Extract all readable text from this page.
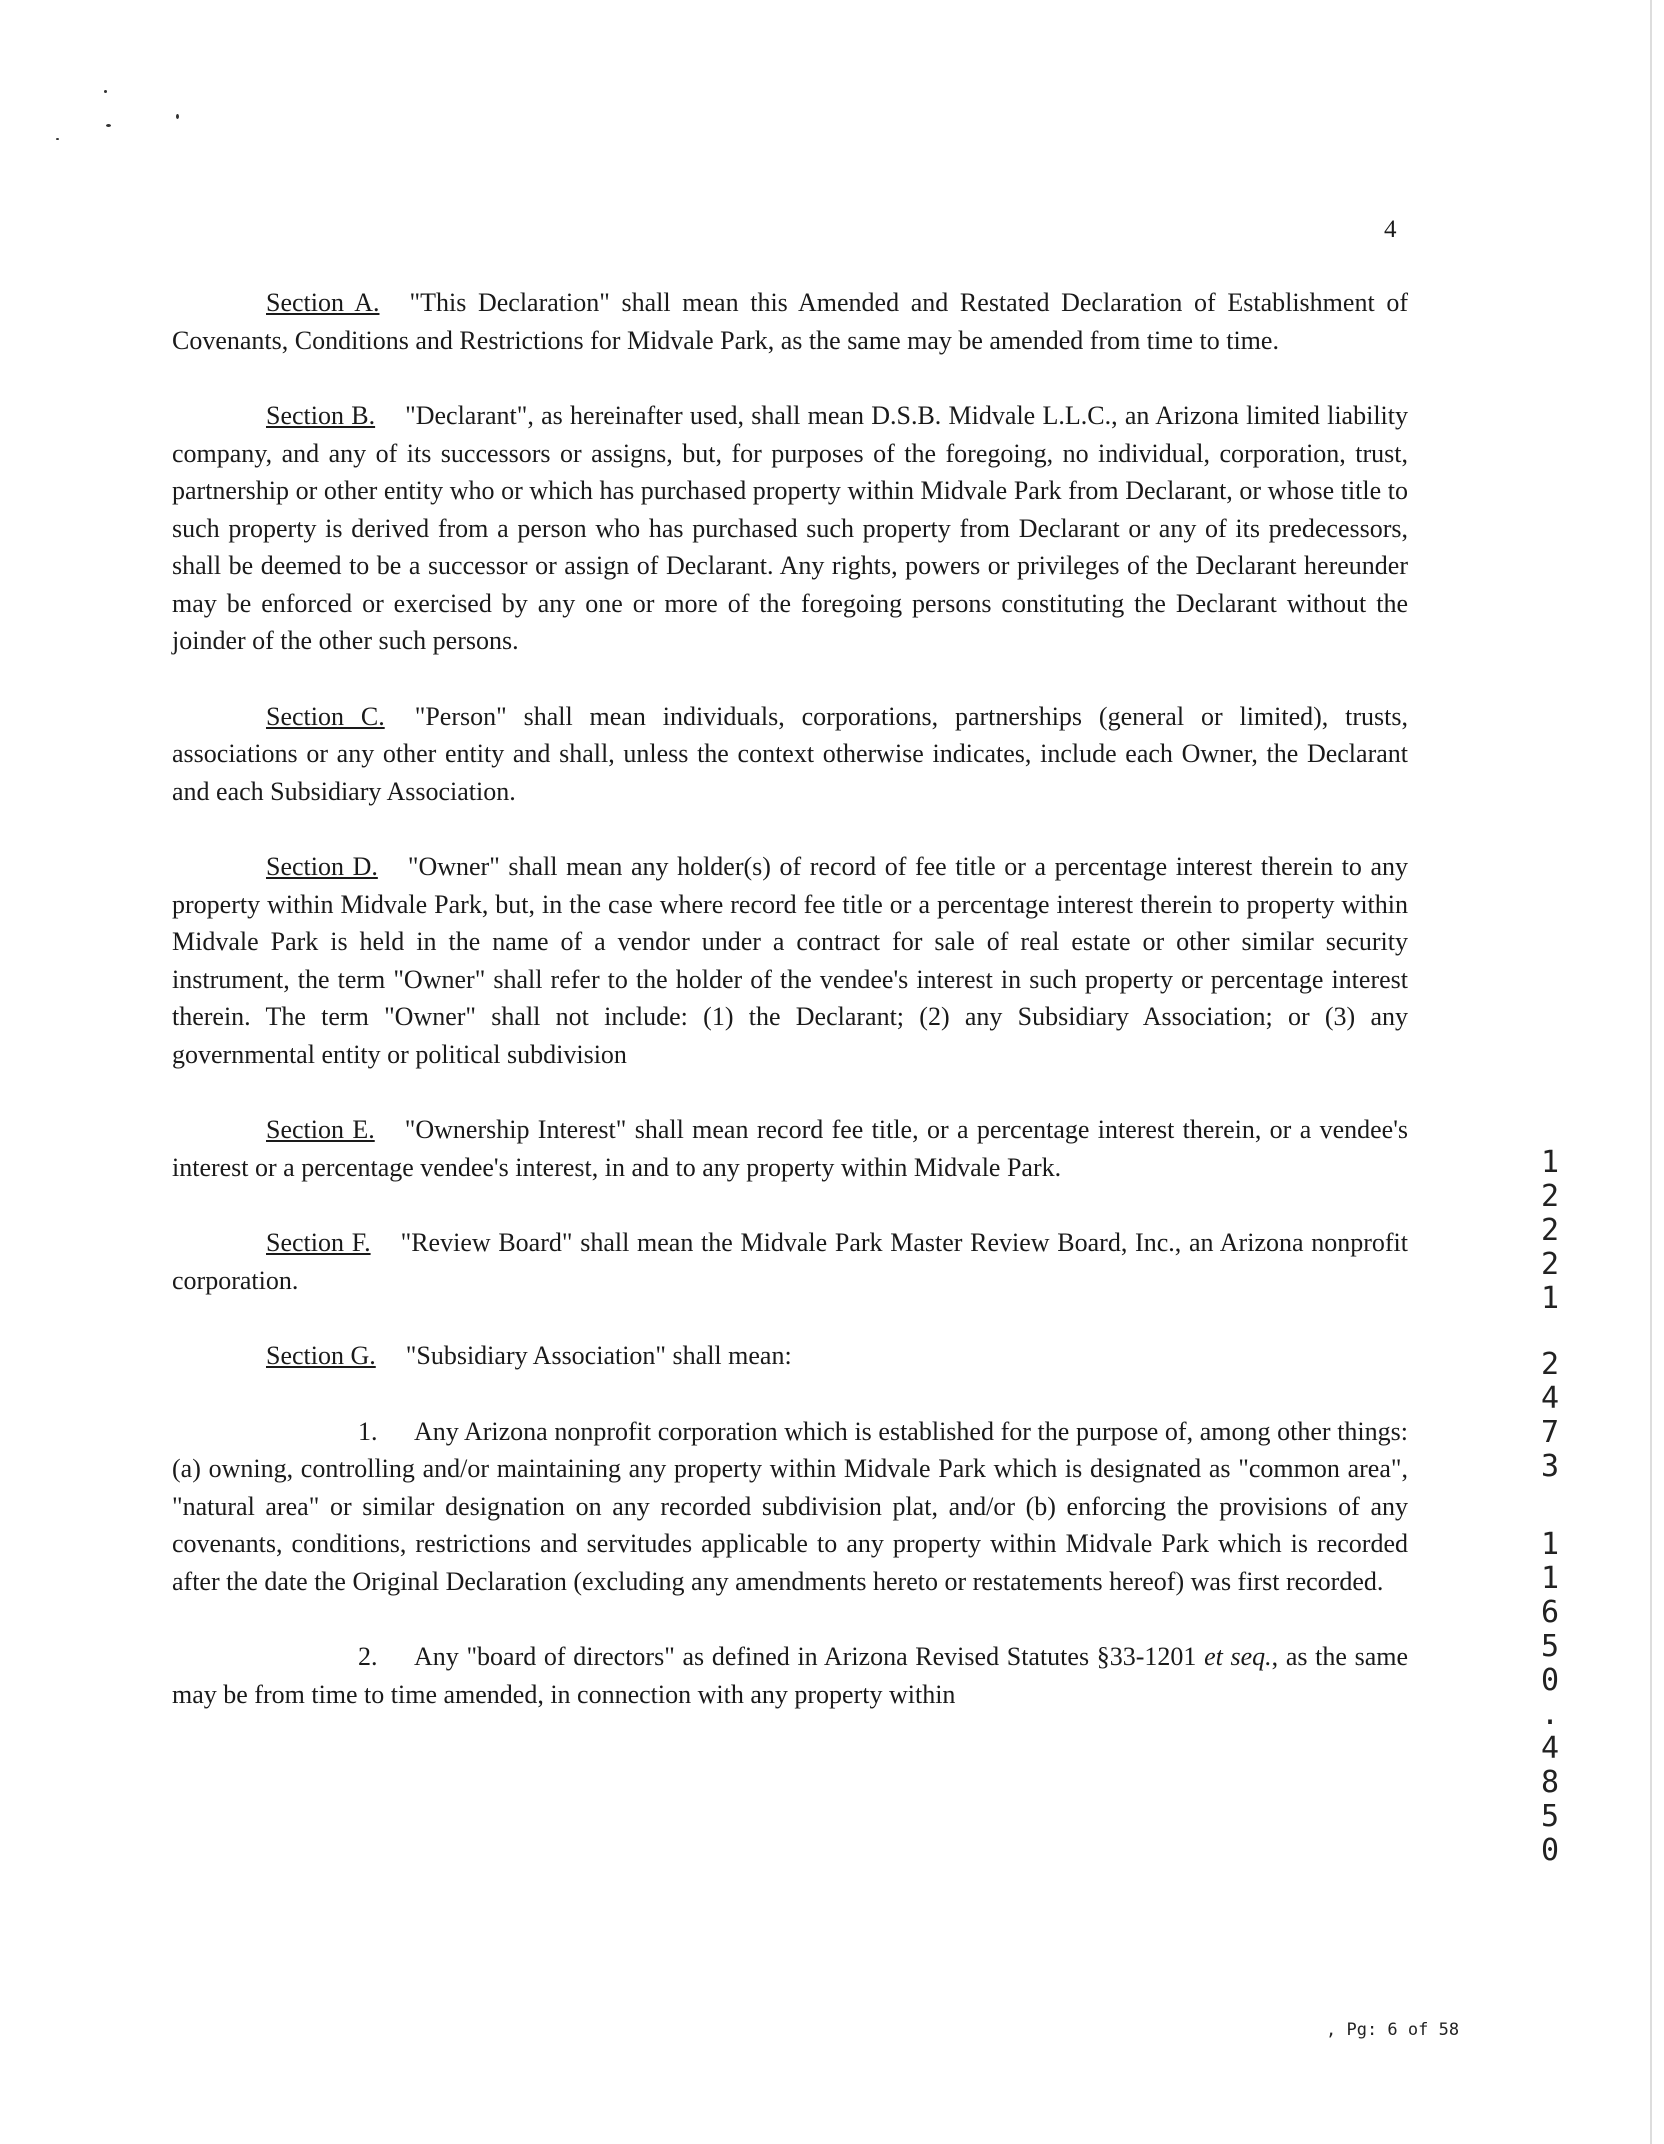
4

Section A. "This Declaration" shall mean this Amended and Restated Declaration of Establishment of Covenants, Conditions and Restrictions for Midvale Park, as the same may be amended from time to time.

Section B. "Declarant", as hereinafter used, shall mean D.S.B. Midvale L.L.C., an Arizona limited liability company, and any of its successors or assigns, but, for purposes of the foregoing, no individual, corporation, trust, partnership or other entity who or which has purchased property within Midvale Park from Declarant, or whose title to such property is derived from a person who has purchased such property from Declarant or any of its predecessors, shall be deemed to be a successor or assign of Declarant. Any rights, powers or privileges of the Declarant hereunder may be enforced or exercised by any one or more of the foregoing persons constituting the Declarant without the joinder of the other such persons.

Section C. "Person" shall mean individuals, corporations, partnerships (general or limited), trusts, associations or any other entity and shall, unless the context otherwise indicates, include each Owner, the Declarant and each Subsidiary Association.

Section D. "Owner" shall mean any holder(s) of record of fee title or a percentage interest therein to any property within Midvale Park, but, in the case where record fee title or a percentage interest therein to property within Midvale Park is held in the name of a vendor under a contract for sale of real estate or other similar security instrument, the term "Owner" shall refer to the holder of the vendee's interest in such property or percentage interest therein. The term "Owner" shall not include: (1) the Declarant; (2) any Subsidiary Association; or (3) any governmental entity or political subdivision

Section E. "Ownership Interest" shall mean record fee title, or a percentage interest therein, or a vendee's interest or a percentage vendee's interest, in and to any property within Midvale Park.

Section F. "Review Board" shall mean the Midvale Park Master Review Board, Inc., an Arizona nonprofit corporation.

Section G. "Subsidiary Association" shall mean:

1. Any Arizona nonprofit corporation which is established for the purpose of, among other things: (a) owning, controlling and/or maintaining any property within Midvale Park which is designated as "common area", "natural area" or similar designation on any recorded subdivision plat, and/or (b) enforcing the provisions of any covenants, conditions, restrictions and servitudes applicable to any property within Midvale Park which is recorded after the date the Original Declaration (excluding any amendments hereto or restatements hereof) was first recorded.

2. Any "board of directors" as defined in Arizona Revised Statutes §33-1201 et seq., as the same may be from time to time amended, in connection with any property within

1
2
2
2
1
2
4
7
3
1
1
6
5
0
.
4
8
5
0
, Pg: 6 of 58
